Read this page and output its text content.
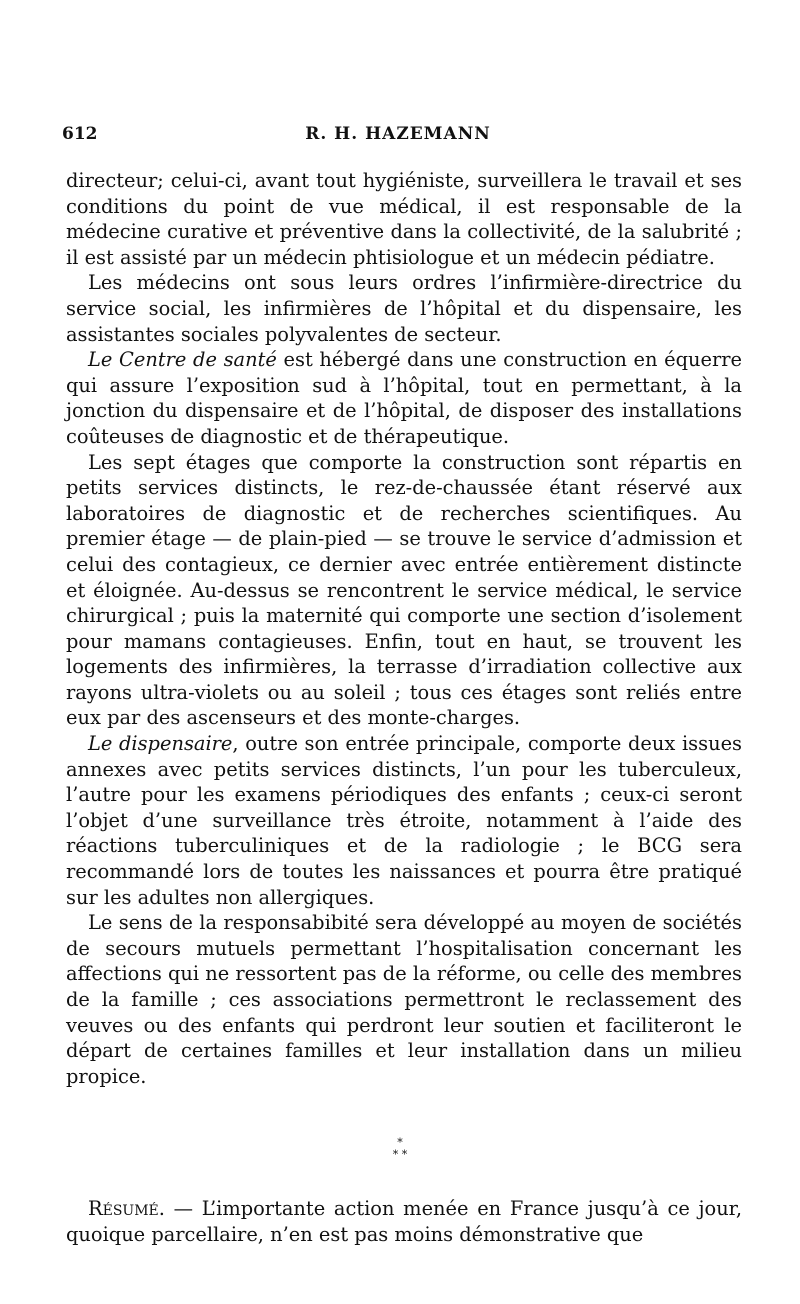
612	R. H. HAZEMANN

directeur; celui-ci, avant tout hygiéniste, surveillera le travail et ses conditions du point de vue médical, il est responsable de la médecine curative et préventive dans la collectivité, de la salubrité ; il est assisté par un médecin phtisiologue et un médecin pédiatre.

Les médecins ont sous leurs ordres l’infirmière-directrice du service social, les infirmières de l’hôpital et du dispensaire, les assistantes sociales polyvalentes de secteur.

Le Centre de santé est hébergé dans une construction en équerre qui assure l’exposition sud à l’hôpital, tout en permettant, à la jonction du dispensaire et de l’hôpital, de disposer des installations coûteuses de diagnostic et de thérapeutique.

Les sept étages que comporte la construction sont répartis en petits services distincts, le rez-de-chaussée étant réservé aux laboratoires de diagnostic et de recherches scientifiques. Au premier étage — de plain-pied — se trouve le service d’admission et celui des contagieux, ce dernier avec entrée entièrement distincte et éloignée. Au-dessus se rencontrent le service médical, le service chirurgical ; puis la maternité qui comporte une section d’isolement pour mamans contagieuses. Enfin, tout en haut, se trouvent les logements des infirmières, la terrasse d’irradiation collective aux rayons ultra-violets ou au soleil ; tous ces étages sont reliés entre eux par des ascenseurs et des monte-charges.

Le dispensaire, outre son entrée principale, comporte deux issues annexes avec petits services distincts, l’un pour les tuberculeux, l’autre pour les examens périodiques des enfants ; ceux-ci seront l’objet d’une surveillance très étroite, notamment à l’aide des réactions tuberculiniques et de la radiologie ; le BCG sera recommandé lors de toutes les naissances et pourra être pratiqué sur les adultes non allergiques.

Le sens de la responsabibité sera développé au moyen de sociétés de secours mutuels permettant l’hospitalisation concernant les affections qui ne ressortent pas de la réforme, ou celle des membres de la famille ; ces associations permettront le reclassement des veuves ou des enfants qui perdront leur soutien et faciliteront le départ de certaines familles et leur installation dans un milieu propice.

*
* *

Résumé. — L’importante action menée en France jusqu’à ce jour, quoique parcellaire, n’en est pas moins démonstrative que
